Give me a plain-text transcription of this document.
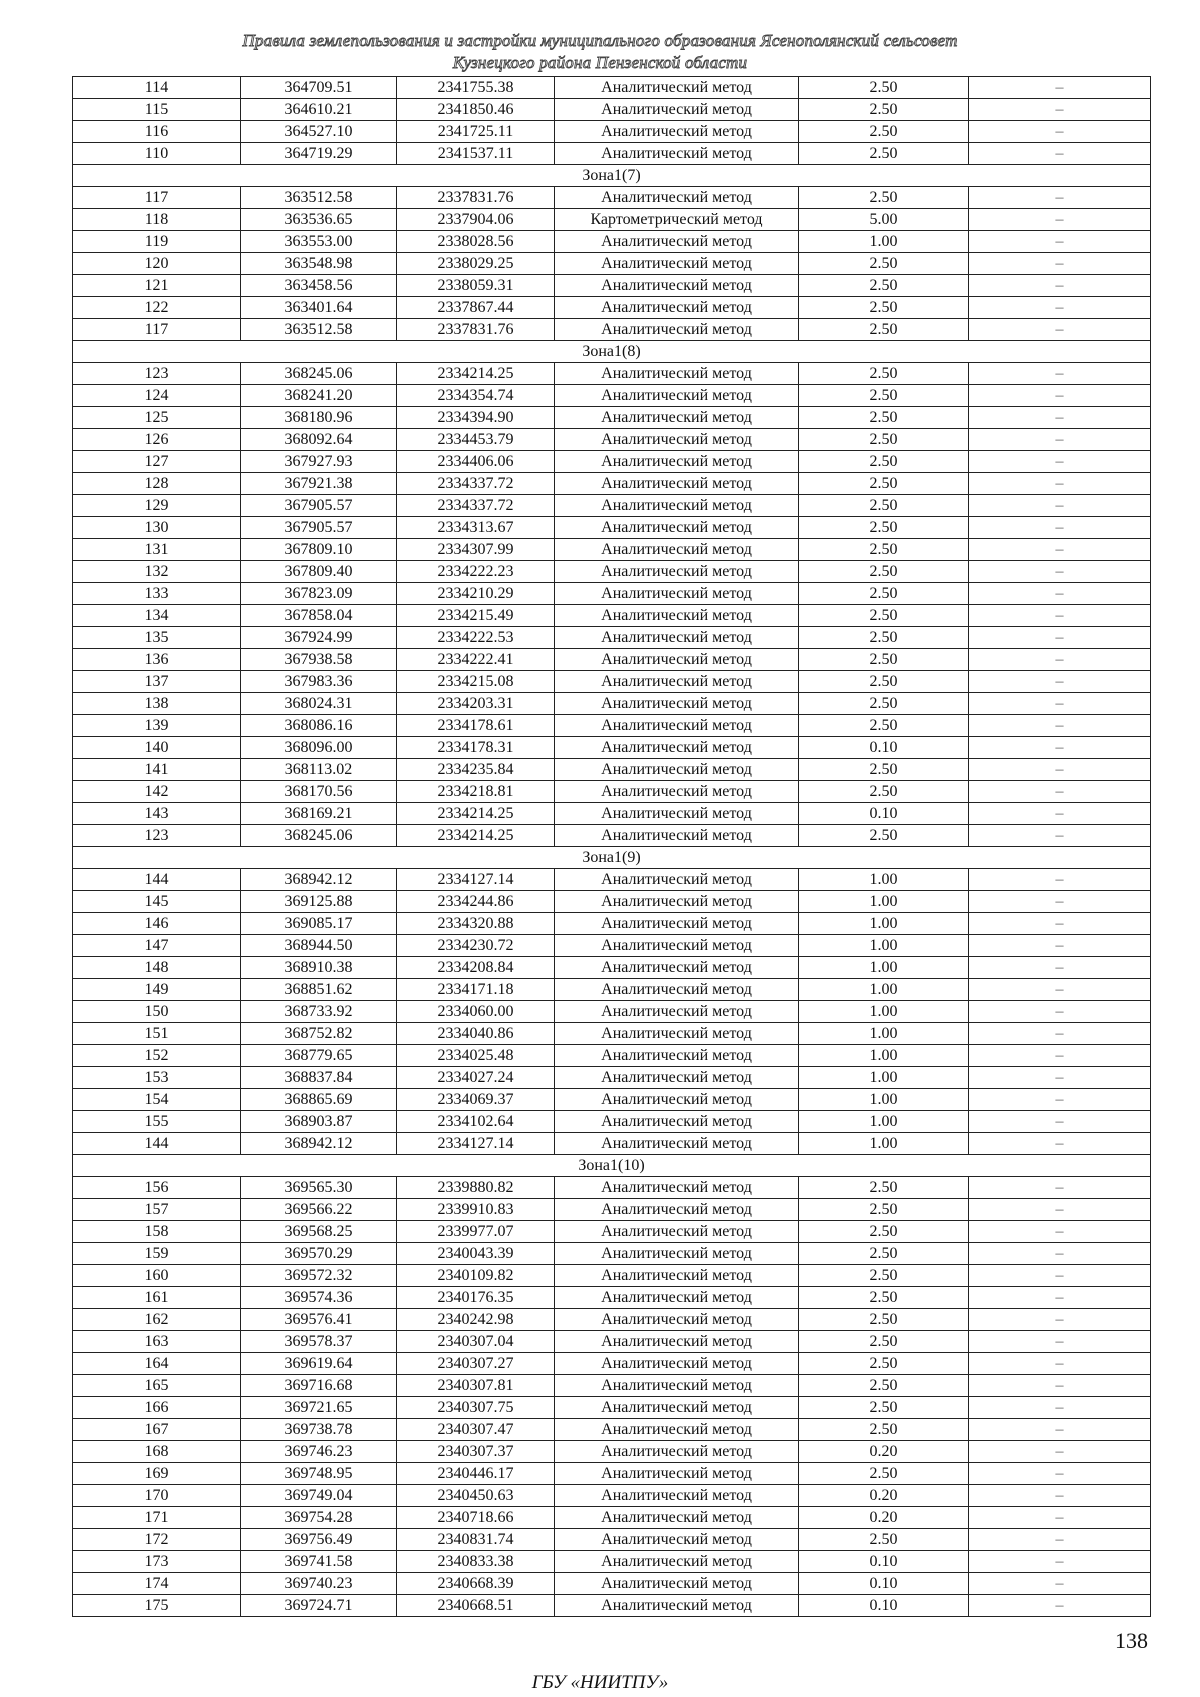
Правила землепользования и застройки муниципального образования Ясенополянский сельсовет
Кузнецкого района Пензенской области
114	364709.51	2341755.38	Аналитический метод	2.50	–
115	364610.21	2341850.46	Аналитический метод	2.50	–
116	364527.10	2341725.11	Аналитический метод	2.50	–
110	364719.29	2341537.11	Аналитический метод	2.50	–
Зона1(7)					
117	363512.58	2337831.76	Аналитический метод	2.50	–
118	363536.65	2337904.06	Картометрический метод	5.00	–
119	363553.00	2338028.56	Аналитический метод	1.00	–
120	363548.98	2338029.25	Аналитический метод	2.50	–
121	363458.56	2338059.31	Аналитический метод	2.50	–
122	363401.64	2337867.44	Аналитический метод	2.50	–
117	363512.58	2337831.76	Аналитический метод	2.50	–
Зона1(8)					
123	368245.06	2334214.25	Аналитический метод	2.50	–
124	368241.20	2334354.74	Аналитический метод	2.50	–
125	368180.96	2334394.90	Аналитический метод	2.50	–
126	368092.64	2334453.79	Аналитический метод	2.50	–
127	367927.93	2334406.06	Аналитический метод	2.50	–
128	367921.38	2334337.72	Аналитический метод	2.50	–
129	367905.57	2334337.72	Аналитический метод	2.50	–
130	367905.57	2334313.67	Аналитический метод	2.50	–
131	367809.10	2334307.99	Аналитический метод	2.50	–
132	367809.40	2334222.23	Аналитический метод	2.50	–
133	367823.09	2334210.29	Аналитический метод	2.50	–
134	367858.04	2334215.49	Аналитический метод	2.50	–
135	367924.99	2334222.53	Аналитический метод	2.50	–
136	367938.58	2334222.41	Аналитический метод	2.50	–
137	367983.36	2334215.08	Аналитический метод	2.50	–
138	368024.31	2334203.31	Аналитический метод	2.50	–
139	368086.16	2334178.61	Аналитический метод	2.50	–
140	368096.00	2334178.31	Аналитический метод	0.10	–
141	368113.02	2334235.84	Аналитический метод	2.50	–
142	368170.56	2334218.81	Аналитический метод	2.50	–
143	368169.21	2334214.25	Аналитический метод	0.10	–
123	368245.06	2334214.25	Аналитический метод	2.50	–
Зона1(9)					
144	368942.12	2334127.14	Аналитический метод	1.00	–
145	369125.88	2334244.86	Аналитический метод	1.00	–
146	369085.17	2334320.88	Аналитический метод	1.00	–
147	368944.50	2334230.72	Аналитический метод	1.00	–
148	368910.38	2334208.84	Аналитический метод	1.00	–
149	368851.62	2334171.18	Аналитический метод	1.00	–
150	368733.92	2334060.00	Аналитический метод	1.00	–
151	368752.82	2334040.86	Аналитический метод	1.00	–
152	368779.65	2334025.48	Аналитический метод	1.00	–
153	368837.84	2334027.24	Аналитический метод	1.00	–
154	368865.69	2334069.37	Аналитический метод	1.00	–
155	368903.87	2334102.64	Аналитический метод	1.00	–
144	368942.12	2334127.14	Аналитический метод	1.00	–
Зона1(10)					
156	369565.30	2339880.82	Аналитический метод	2.50	–
157	369566.22	2339910.83	Аналитический метод	2.50	–
158	369568.25	2339977.07	Аналитический метод	2.50	–
159	369570.29	2340043.39	Аналитический метод	2.50	–
160	369572.32	2340109.82	Аналитический метод	2.50	–
161	369574.36	2340176.35	Аналитический метод	2.50	–
162	369576.41	2340242.98	Аналитический метод	2.50	–
163	369578.37	2340307.04	Аналитический метод	2.50	–
164	369619.64	2340307.27	Аналитический метод	2.50	–
165	369716.68	2340307.81	Аналитический метод	2.50	–
166	369721.65	2340307.75	Аналитический метод	2.50	–
167	369738.78	2340307.47	Аналитический метод	2.50	–
168	369746.23	2340307.37	Аналитический метод	0.20	–
169	369748.95	2340446.17	Аналитический метод	2.50	–
170	369749.04	2340450.63	Аналитический метод	0.20	–
171	369754.28	2340718.66	Аналитический метод	0.20	–
172	369756.49	2340831.74	Аналитический метод	2.50	–
173	369741.58	2340833.38	Аналитический метод	0.10	–
174	369740.23	2340668.39	Аналитический метод	0.10	–
175	369724.71	2340668.51	Аналитический метод	0.10	–
138
ГБУ «НИИТПУ»
